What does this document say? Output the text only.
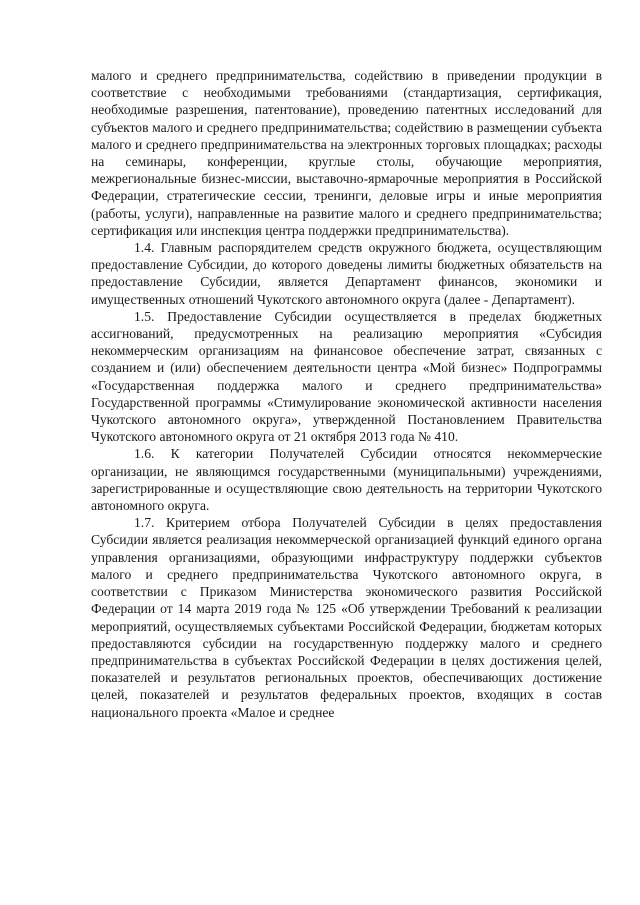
малого и среднего предпринимательства, содействию в приведении продукции в соответствие с необходимыми требованиями (стандартизация, сертификация, необходимые разрешения, патентование), проведению патентных исследований для субъектов малого и среднего предпринимательства; содействию в размещении субъекта малого и среднего предпринимательства на электронных торговых площадках; расходы на семинары, конференции, круглые столы, обучающие мероприятия, межрегиональные бизнес-миссии, выставочно-ярмарочные мероприятия в Российской Федерации, стратегические сессии, тренинги, деловые игры и иные мероприятия (работы, услуги), направленные на развитие малого и среднего предпринимательства; сертификация или инспекция центра поддержки предпринимательства).

1.4. Главным распорядителем средств окружного бюджета, осуществляющим предоставление Субсидии, до которого доведены лимиты бюджетных обязательств на предоставление Субсидии, является Департамент финансов, экономики и имущественных отношений Чукотского автономного округа (далее - Департамент).

1.5. Предоставление Субсидии осуществляется в пределах бюджетных ассигнований, предусмотренных на реализацию мероприятия «Субсидия некоммерческим организациям на финансовое обеспечение затрат, связанных с созданием и (или) обеспечением деятельности центра «Мой бизнес» Подпрограммы «Государственная поддержка малого и среднего предпринимательства» Государственной программы «Стимулирование экономической активности населения Чукотского автономного округа», утвержденной Постановлением Правительства Чукотского автономного округа от 21 октября 2013 года № 410.

1.6. К категории Получателей Субсидии относятся некоммерческие организации, не являющимся государственными (муниципальными) учреждениями, зарегистрированные и осуществляющие свою деятельность на территории Чукотского автономного округа.

1.7. Критерием отбора Получателей Субсидии в целях предоставления Субсидии является реализация некоммерческой организацией функций единого органа управления организациями, образующими инфраструктуру поддержки субъектов малого и среднего предпринимательства Чукотского автономного округа, в соответствии с Приказом Министерства экономического развития Российской Федерации от 14 марта 2019 года № 125 «Об утверждении Требований к реализации мероприятий, осуществляемых субъектами Российской Федерации, бюджетам которых предоставляются субсидии на государственную поддержку малого и среднего предпринимательства в субъектах Российской Федерации в целях достижения целей, показателей и результатов региональных проектов, обеспечивающих достижение целей, показателей и результатов федеральных проектов, входящих в состав национального проекта «Малое и среднее
